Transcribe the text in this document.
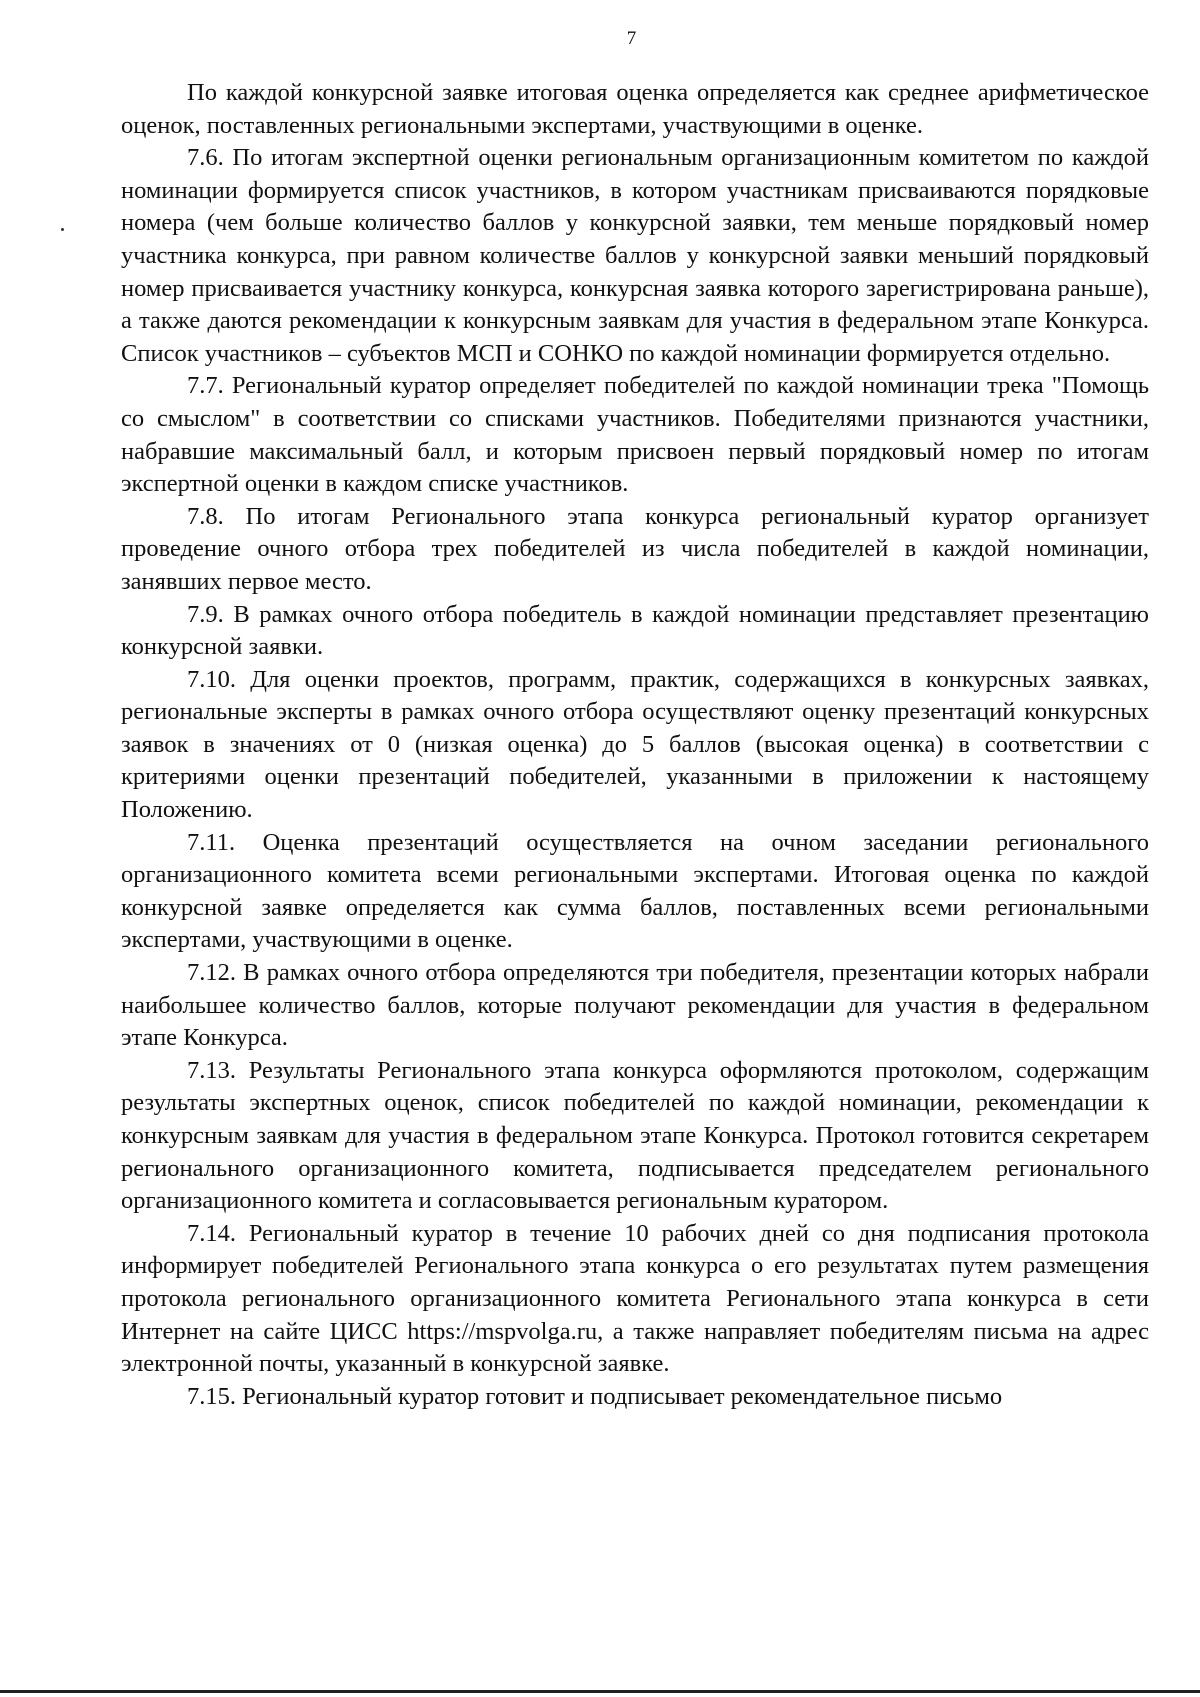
7

По каждой конкурсной заявке итоговая оценка определяется как среднее арифметическое оценок, поставленных региональными экспертами, участвующими в оценке.

7.6. По итогам экспертной оценки региональным организационным комитетом по каждой номинации формируется список участников, в котором участникам присваиваются порядковые номера (чем больше количество баллов у конкурсной заявки, тем меньше порядковый номер участника конкурса, при равном количестве баллов у конкурсной заявки меньший порядковый номер присваивается участнику конкурса, конкурсная заявка которого зарегистрирована раньше), а также даются рекомендации к конкурсным заявкам для участия в федеральном этапе Конкурса. Список участников – субъектов МСП и СОНКО по каждой номинации формируется отдельно.

7.7. Региональный куратор определяет победителей по каждой номинации трека "Помощь со смыслом" в соответствии со списками участников. Победителями признаются участники, набравшие максимальный балл, и которым присвоен первый порядковый номер по итогам экспертной оценки в каждом списке участников.

7.8. По итогам Регионального этапа конкурса региональный куратор организует проведение очного отбора трех победителей из числа победителей в каждой номинации, занявших первое место.

7.9. В рамках очного отбора победитель в каждой номинации представляет презентацию конкурсной заявки.

7.10. Для оценки проектов, программ, практик, содержащихся в конкурсных заявках, региональные эксперты в рамках очного отбора осуществляют оценку презентаций конкурсных заявок в значениях от 0 (низкая оценка) до 5 баллов (высокая оценка) в соответствии с критериями оценки презентаций победителей, указанными в приложении к настоящему Положению.

7.11. Оценка презентаций осуществляется на очном заседании регионального организационного комитета всеми региональными экспертами. Итоговая оценка по каждой конкурсной заявке определяется как сумма баллов, поставленных всеми региональными экспертами, участвующими в оценке.

7.12. В рамках очного отбора определяются три победителя, презентации которых набрали наибольшее количество баллов, которые получают рекомендации для участия в федеральном этапе Конкурса.

7.13. Результаты Регионального этапа конкурса оформляются протоколом, содержащим результаты экспертных оценок, список победителей по каждой номинации, рекомендации к конкурсным заявкам для участия в федеральном этапе Конкурса. Протокол готовится секретарем регионального организационного комитета, подписывается председателем регионального организационного комитета и согласовывается региональным куратором.

7.14. Региональный куратор в течение 10 рабочих дней со дня подписания протокола информирует победителей Регионального этапа конкурса о его результатах путем размещения протокола регионального организационного комитета Регионального этапа конкурса в сети Интернет на сайте ЦИСС https://mspvolga.ru, а также направляет победителям письма на адрес электронной почты, указанный в конкурсной заявке.

7.15. Региональный куратор готовит и подписывает рекомендательное письмо
